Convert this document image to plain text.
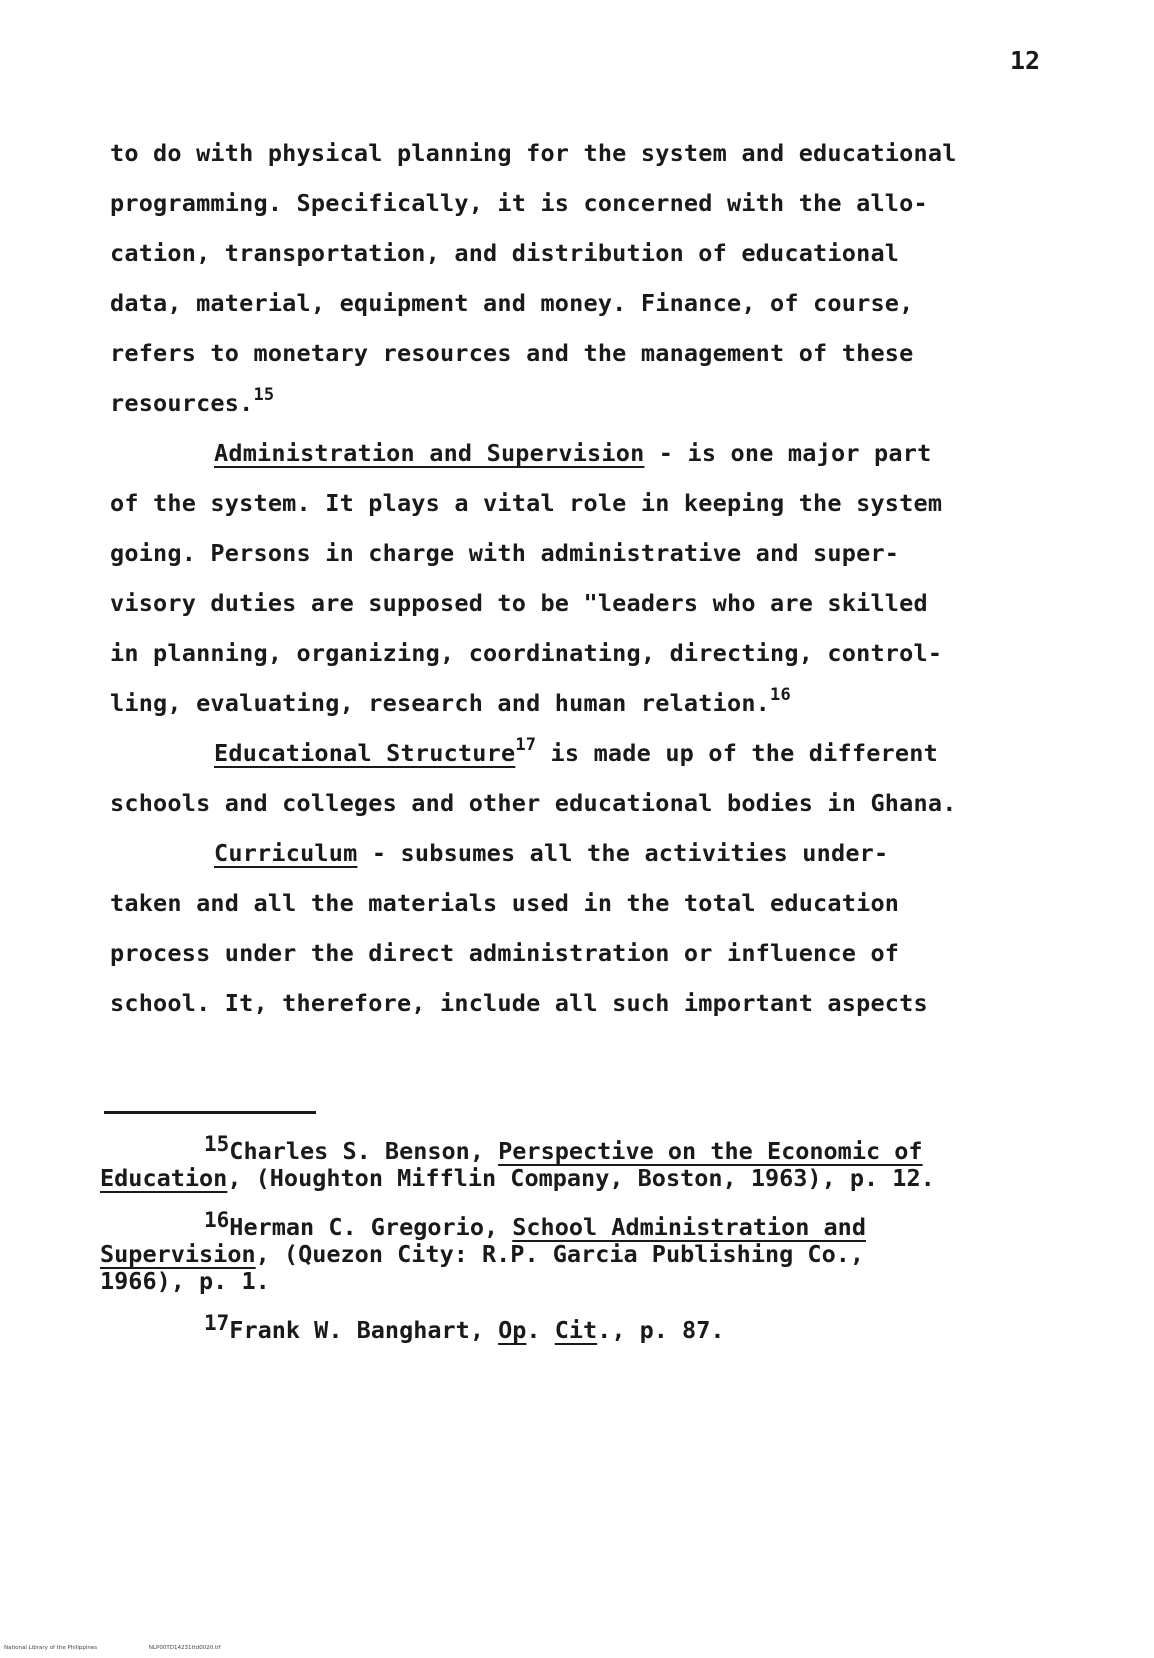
12
to do with physical planning for the system and educational
programming. Specifically, it is concerned with the allo-
cation, transportation, and distribution of educational
data, material, equipment and money. Finance, of course,
refers to monetary resources and the management of these
resources.$^{15}$
Administration and Supervision - is one major part
of the system. It plays a vital role in keeping the system
going. Persons in charge with administrative and super-
visory duties are supposed to be "leaders who are skilled
in planning, organizing, coordinating, directing, control-
ling, evaluating, research and human relation.$^{16}$
Educational Structure$^{17}$ is made up of the different
schools and colleges and other educational bodies in Ghana.
Curriculum - subsumes all the activities under-
taken and all the materials used in the total education
process under the direct administration or influence of
school. It, therefore, include all such important aspects
$^{15}$Charles S. Benson, Perspective on the Economic of
Education, (Houghton Mifflin Company, Boston, 1963), p. 12.
$^{16}$Herman C. Gregorio, School Administration and
Supervision, (Quezon City: R.P. Garcia Publishing Co.,
1966), p. 1.
$^{17}$Frank W. Banghart, Op. Cit., p. 87.
National Library of the Philippines	NLP00TD14231ttd0020.tif
